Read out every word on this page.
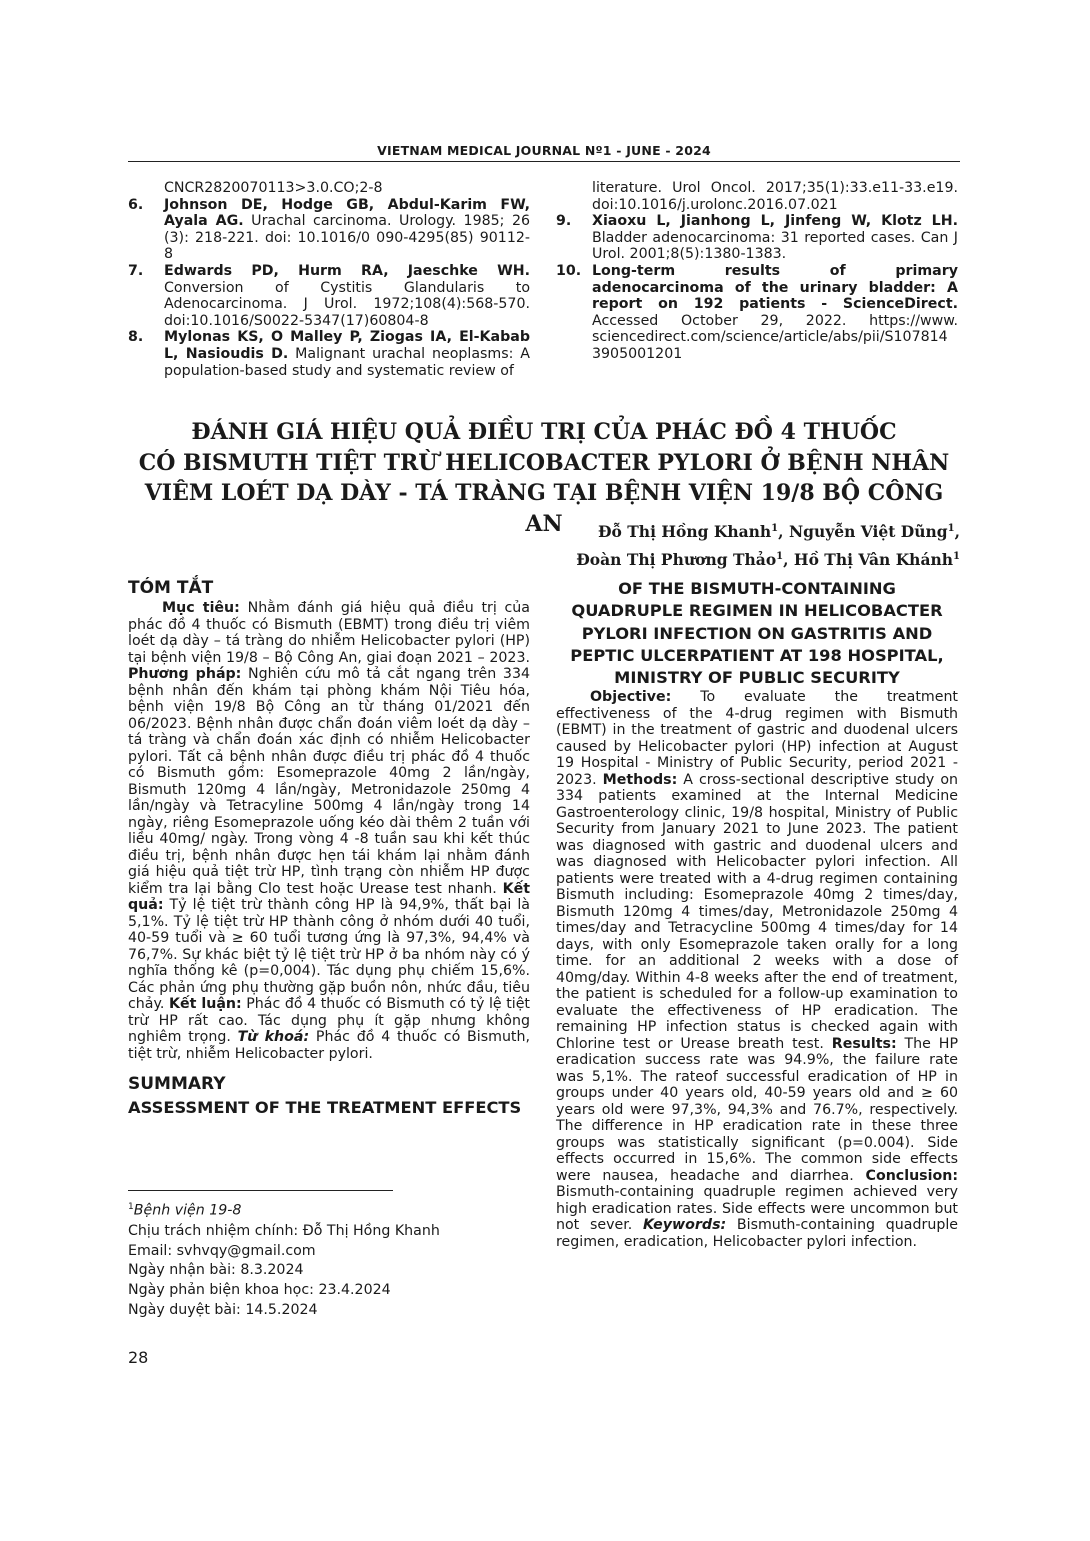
VIETNAM MEDICAL JOURNAL Nº1 - JUNE - 2024
CNCR2820070113>3.0.CO;2-8
6. Johnson DE, Hodge GB, Abdul-Karim FW, Ayala AG. Urachal carcinoma. Urology. 1985; 26 (3): 218-221. doi: 10.1016/0 090-4295(85) 90112-8
7. Edwards PD, Hurm RA, Jaeschke WH. Conversion of Cystitis Glandularis to Adenocarcinoma. J Urol. 1972;108(4):568-570. doi:10.1016/S0022-5347(17)60804-8
8. Mylonas KS, O Malley P, Ziogas IA, El-Kabab L, Nasioudis D. Malignant urachal neoplasms: A population-based study and systematic review of
literature. Urol Oncol. 2017;35(1):33.e11-33.e19. doi:10.1016/j.urolonc.2016.07.021
9. Xiaoxu L, Jianhong L, Jinfeng W, Klotz LH. Bladder adenocarcinoma: 31 reported cases. Can J Urol. 2001;8(5):1380-1383.
10. Long-term results of primary adenocarcinoma of the urinary bladder: A report on 192 patients - ScienceDirect. Accessed October 29, 2022. https://www. sciencedirect.com/science/article/abs/pii/S107814 3905001201
ĐÁNH GIÁ HIỆU QUẢ ĐIỀU TRỊ CỦA PHÁC ĐỒ 4 THUỐC
CÓ BISMUTH TIỆT TRỪ HELICOBACTER PYLORI Ở BỆNH NHÂN
VIÊM LOÉT DẠ DÀY - TÁ TRÀNG TẠI BỆNH VIỆN 19/8 BỘ CÔNG AN	Đỗ Thị Hồng Khanh$^1$, Nguyễn Việt Dũng$^1$,
Đoàn Thị Phương Thảo$^1$, Hồ Thị Vân Khánh$^1$
TÓM TẮT

Mục tiêu: Nhằm đánh giá hiệu quả điều trị của phác đồ 4 thuốc có Bismuth (EBMT) trong điều trị viêm loét dạ dày – tá tràng do nhiễm Helicobacter pylori (HP) tại bệnh viện 19/8 – Bộ Công An, giai đoạn 2021 – 2023. Phương pháp: Nghiên cứu mô tả cắt ngang trên 334 bệnh nhân đến khám tại phòng khám Nội Tiêu hóa, bệnh viện 19/8 Bộ Công an từ tháng 01/2021 đến 06/2023. Bệnh nhân được chẩn đoán viêm loét dạ dày – tá tràng và chẩn đoán xác định có nhiễm Helicobacter pylori. Tất cả bệnh nhân được điều trị phác đồ 4 thuốc có Bismuth gồm: Esomeprazole 40mg 2 lần/ngày, Bismuth 120mg 4 lần/ngày, Metronidazole 250mg 4 lần/ngày và Tetracyline 500mg 4 lần/ngày trong 14 ngày, riêng Esomeprazole uống kéo dài thêm 2 tuần với liều 40mg/ ngày. Trong vòng 4 -8 tuần sau khi kết thúc điều trị, bệnh nhân được hẹn tái khám lại nhằm đánh giá hiệu quả tiệt trừ HP, tình trạng còn nhiễm HP được kiểm tra lại bằng Clo test hoặc Urease test nhanh. Kết quả: Tỷ lệ tiệt trừ thành công HP là 94,9%, thất bại là 5,1%. Tỷ lệ tiệt trừ HP thành công ở nhóm dưới 40 tuổi, 40-59 tuổi và ≥ 60 tuổi tương ứng là 97,3%, 94,4% và 76,7%. Sự khác biệt tỷ lệ tiệt trừ HP ở ba nhóm này có ý nghĩa thống kê (p=0,004). Tác dụng phụ chiếm 15,6%. Các phản ứng phụ thường gặp buồn nôn, nhức đầu, tiêu chảy. Kết luận: Phác đồ 4 thuốc có Bismuth có tỷ lệ tiệt trừ HP rất cao. Tác dụng phụ ít gặp nhưng không nghiêm trọng. Từ khoá: Phác đồ 4 thuốc có Bismuth, tiệt trừ, nhiễm Helicobacter pylori.

SUMMARY
ASSESSMENT OF THE TREATMENT EFFECTS
$^1$Bệnh viện 19-8
Chịu trách nhiệm chính: Đỗ Thị Hồng Khanh
Email: svhvqy@gmail.com
Ngày nhận bài: 8.3.2024
Ngày phản biện khoa học: 23.4.2024
Ngày duyệt bài: 14.5.2024
OF THE BISMUTH-CONTAINING
QUADRUPLE REGIMEN IN HELICOBACTER
PYLORI INFECTION ON GASTRITIS AND
PEPTIC ULCERPATIENT AT 198 HOSPITAL,
MINISTRY OF PUBLIC SECURITY

Objective: To evaluate the treatment effectiveness of the 4-drug regimen with Bismuth (EBMT) in the treatment of gastric and duodenal ulcers caused by Helicobacter pylori (HP) infection at August 19 Hospital - Ministry of Public Security, period 2021 - 2023. Methods: A cross-sectional descriptive study on 334 patients examined at the Internal Medicine Gastroenterology clinic, 19/8 hospital, Ministry of Public Security from January 2021 to June 2023. The patient was diagnosed with gastric and duodenal ulcers and was diagnosed with Helicobacter pylori infection. All patients were treated with a 4-drug regimen containing Bismuth including: Esomeprazole 40mg 2 times/day, Bismuth 120mg 4 times/day, Metronidazole 250mg 4 times/day and Tetracycline 500mg 4 times/day for 14 days, with only Esomeprazole taken orally for a long time. for an additional 2 weeks with a dose of 40mg/day. Within 4-8 weeks after the end of treatment, the patient is scheduled for a follow-up examination to evaluate the effectiveness of HP eradication. The remaining HP infection status is checked again with Chlorine test or Urease breath test. Results: The HP eradication success rate was 94.9%, the failure rate was 5,1%. The rateof successful eradication of HP in groups under 40 years old, 40-59 years old and ≥ 60 years old were 97,3%, 94,3% and 76.7%, respectively. The difference in HP eradication rate in these three groups was statistically significant (p=0.004). Side effects occurred in 15,6%. The common side effects were nausea, headache and diarrhea. Conclusion: Bismuth-containing quadruple regimen achieved very high eradication rates. Side effects were uncommon but not sever. Keywords: Bismuth-containing quadruple regimen, eradication, Helicobacter pylori infection.

28
